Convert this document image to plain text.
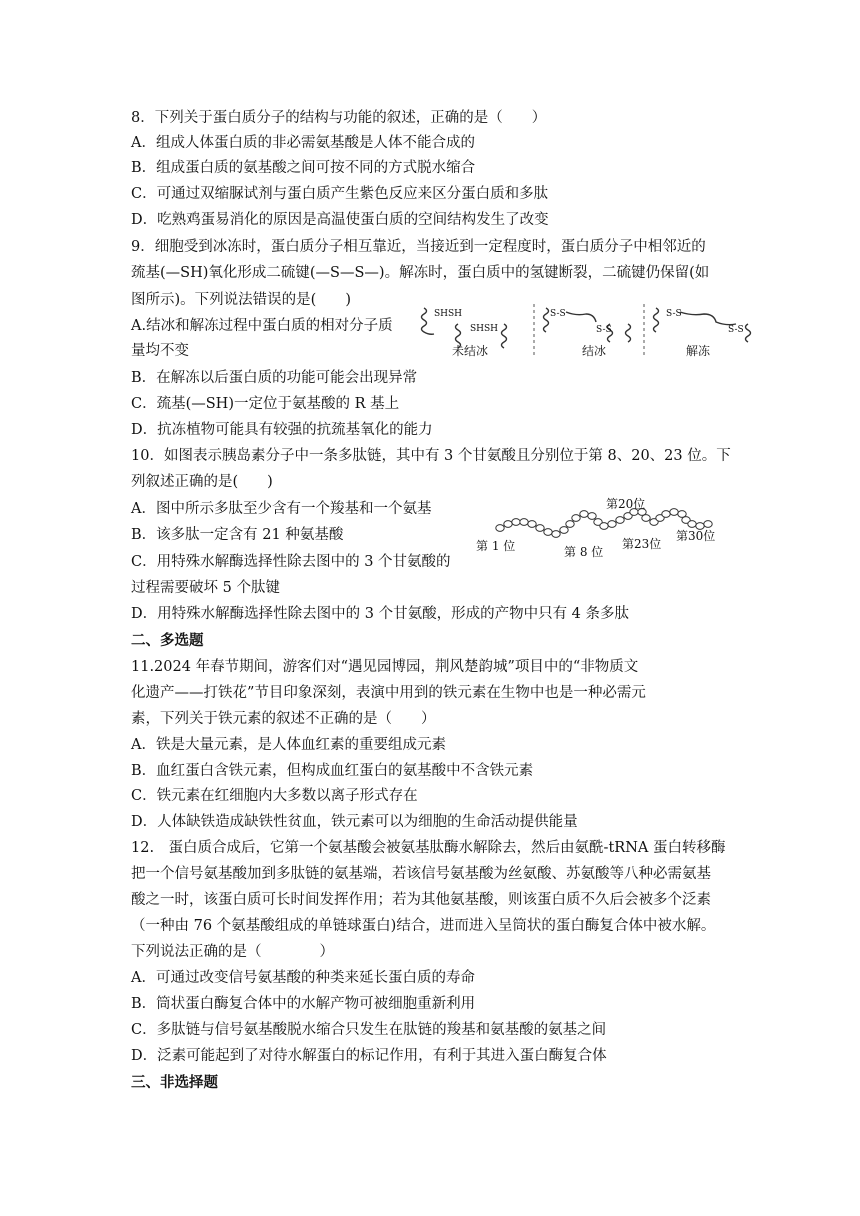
8．下列关于蛋白质分子的结构与功能的叙述，正确的是（　　）
A．组成人体蛋白质的非必需氨基酸是人体不能合成的
B．组成蛋白质的氨基酸之间可按不同的方式脱水缩合
C．可通过双缩脲试剂与蛋白质产生紫色反应来区分蛋白质和多肽
D．吃熟鸡蛋易消化的原因是高温使蛋白质的空间结构发生了改变
9．细胞受到冰冻时，蛋白质分子相互靠近，当接近到一定程度时，蛋白质分子中相邻近的
巯基(—SH)氧化形成二硫键(—S—S—)。解冻时，蛋白质中的氢键断裂，二硫键仍保留(如
图所示)。下列说法错误的是(　　)
A.结冰和解冻过程中蛋白质的相对分子质
量均不变
B．在解冻以后蛋白质的功能可能会出现异常
C．巯基(—SH)一定位于氨基酸的 R 基上
D．抗冻植物可能具有较强的抗巯基氧化的能力
SHSH
SHSH
未结冰
S-S
S-S
结冰
S-S
S-S
解冻
10．如图表示胰岛素分子中一条多肽链，其中有 3 个甘氨酸且分别位于第 8、20、23 位。下
列叙述正确的是(　　)
A．图中所示多肽至少含有一个羧基和一个氨基
B．该多肽一定含有 21 种氨基酸
C．用特殊水解酶选择性除去图中的 3 个甘氨酸的
过程需要破坏 5 个肽键
D．用特殊水解酶选择性除去图中的 3 个甘氨酸，形成的产物中只有 4 条多肽
第 1 位	第 8 位
第20位
第23位
第30位
二、多选题
11.2024 年春节期间，游客们对“遇见园博园，荆风楚韵城”项目中的“非物质文
化遗产——打铁花”节目印象深刻，表演中用到的铁元素在生物中也是一种必需元
素，下列关于铁元素的叙述不正确的是（　　）
A．铁是大量元素，是人体血红素的重要组成元素
B．血红蛋白含铁元素，但构成血红蛋白的氨基酸中不含铁元素
C．铁元素在红细胞内大多数以离子形式存在
D．人体缺铁造成缺铁性贫血，铁元素可以为细胞的生命活动提供能量
12.　蛋白质合成后，它第一个氨基酸会被氨基肽酶水解除去，然后由氨酰-tRNA 蛋白转移酶
把一个信号氨基酸加到多肽链的氨基端，若该信号氨基酸为丝氨酸、苏氨酸等八种必需氨基
酸之一时，该蛋白质可长时间发挥作用；若为其他氨基酸，则该蛋白质不久后会被多个泛素
（一种由 76 个氨基酸组成的单链球蛋白)结合，进而进入呈筒状的蛋白酶复合体中被水解。
下列说法正确的是（　　　　）
A．可通过改变信号氨基酸的种类来延长蛋白质的寿命
B．筒状蛋白酶复合体中的水解产物可被细胞重新利用
C．多肽链与信号氨基酸脱水缩合只发生在肽链的羧基和氨基酸的氨基之间
D．泛素可能起到了对待水解蛋白的标记作用，有利于其进入蛋白酶复合体
三、非选择题
